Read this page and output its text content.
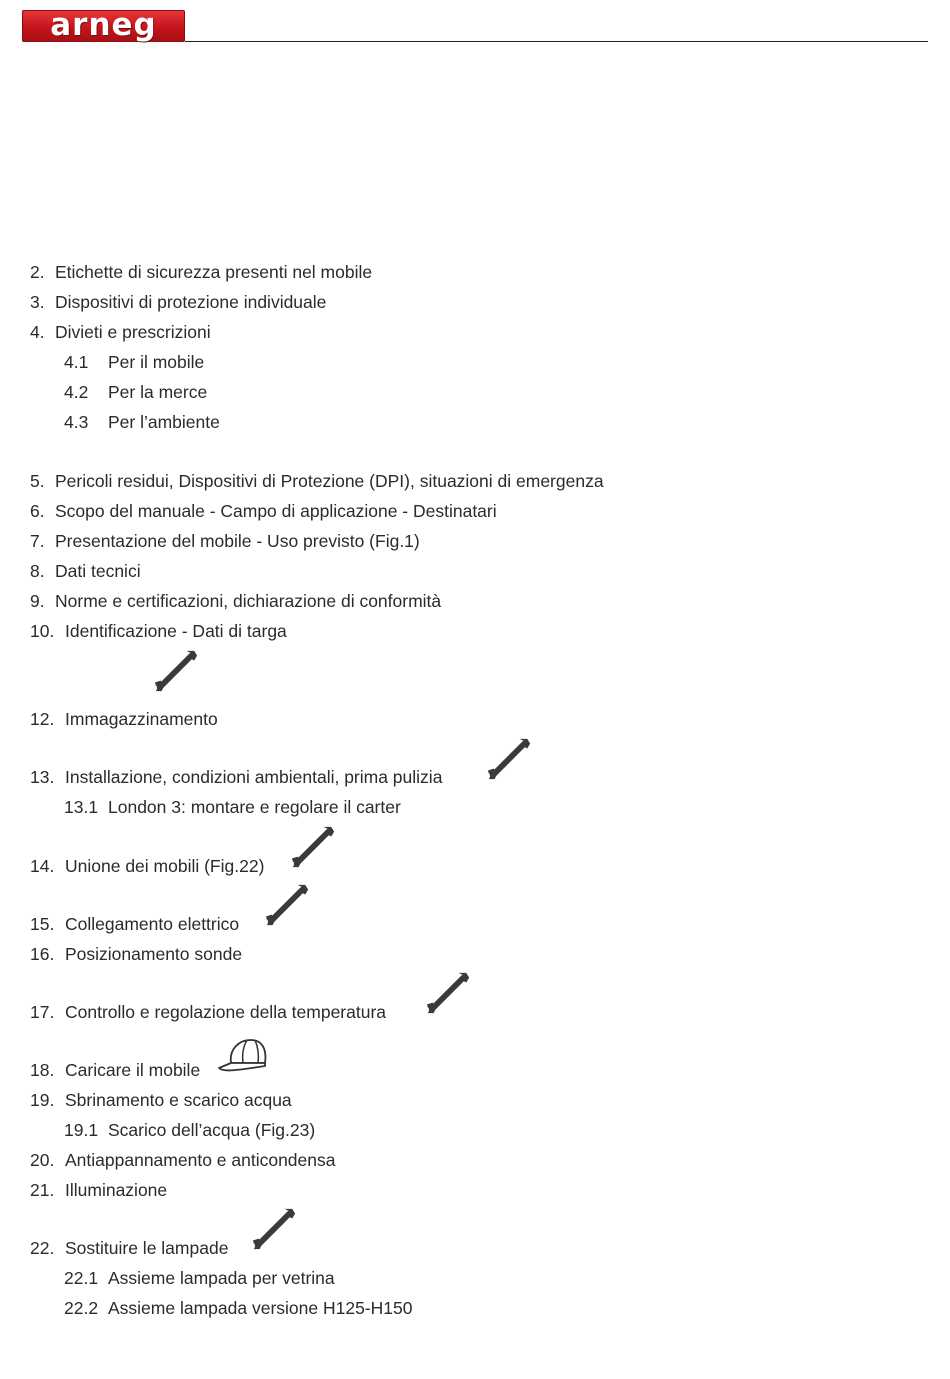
arneg
2. Etichette di sicurezza presenti nel mobile
3. Dispositivi di protezione individuale
4. Divieti e prescrizioni
4.1 Per il mobile
4.2 Per la merce
4.3 Per l’ambiente
5. Pericoli residui, Dispositivi di Protezione (DPI), situazioni di emergenza
6. Scopo del manuale - Campo di applicazione - Destinatari
7. Presentazione del mobile - Uso previsto (Fig.1)
8. Dati tecnici
9. Norme e certificazioni, dichiarazione di conformità
10. Identificazione - Dati di targa
12. Immagazzinamento
13. Installazione, condizioni ambientali, prima pulizia
13.1 London 3: montare e regolare il carter
14. Unione dei mobili (Fig.22)
15. Collegamento elettrico
16. Posizionamento sonde
17. Controllo e regolazione della temperatura
18. Caricare il mobile
19. Sbrinamento e scarico acqua
19.1 Scarico dell’acqua (Fig.23)
20. Antiappannamento e anticondensa
21. Illuminazione
22. Sostituire le lampade
22.1 Assieme lampada per vetrina
22.2 Assieme lampada versione H125-H150
